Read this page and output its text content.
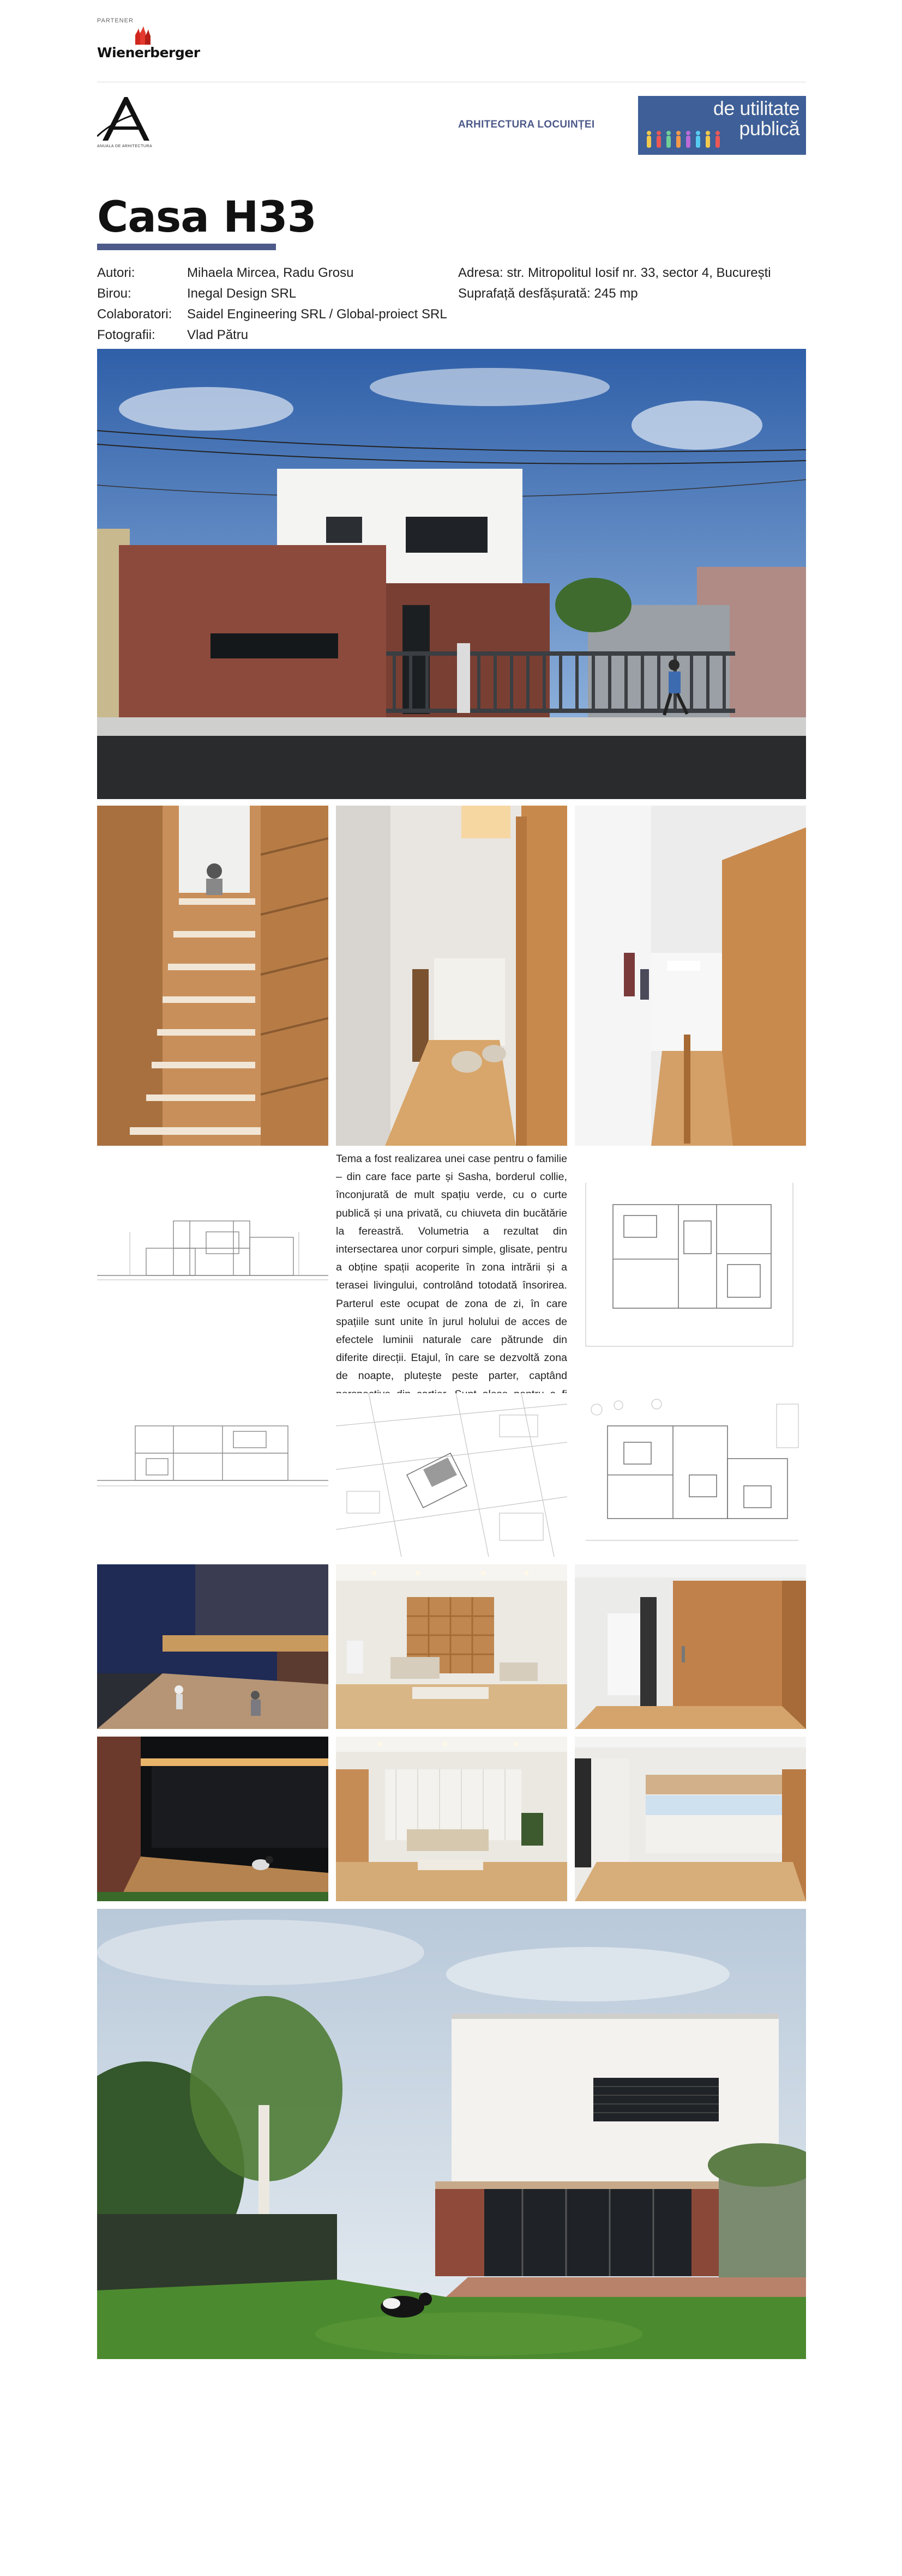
PARTENER
Wienerberger
ANUALA DE ARHITECTURA
ARHITECTURA LOCUINȚEI
de utilitate
publică
Casa H33
Autori:	Mihaela Mircea, Radu Grosu
Birou:	Inegal Design SRL
Colaboratori: Saidel Engineering SRL / Global-proiect SRL
Fotografii: Vlad Pătru
Adresa: str. Mitropolitul Iosif nr. 33, sector 4, București
Suprafață desfășurată: 245 mp
Tema a fost realizarea unei case pentru o familie – din care face parte și Sasha, borderul collie, înconjurată de mult spațiu verde, cu o curte publică și una privată, cu chiuveta din bucătărie la fereastră. Volumetria a rezultat din intersectarea unor corpuri simple, glisate, pentru a obține spații acoperite în zona intrării și a terasei livingului, controlând totodată însorirea. Parterul este ocupat de zona de zi, în care spațiile sunt unite în jurul holului de acces de efectele luminii naturale care pătrunde din diferite direcții. Etajul, în care se dezvoltă zona de noapte, plutește peste parter, captând
